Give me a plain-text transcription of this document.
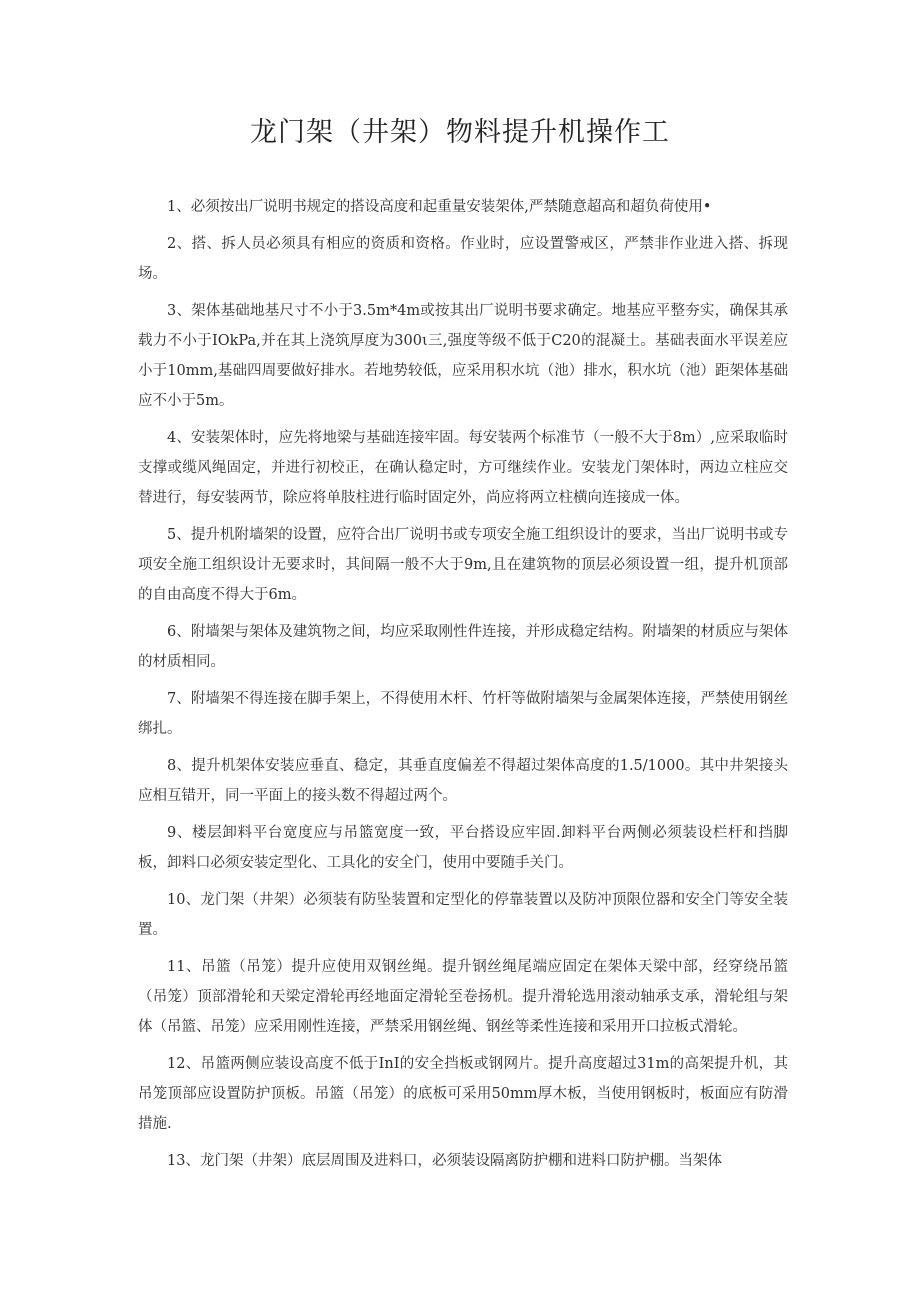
龙门架（井架）物料提升机操作工

1、必须按出厂说明书规定的搭设高度和起重量安装架体,严禁随意超高和超负荷使用•

2、搭、拆人员必须具有相应的资质和资格。作业时，应设置警戒区，严禁非作业进入搭、拆现场。

3、架体基础地基尺寸不小于3.5m*4m或按其出厂说明书要求确定。地基应平整夯实，确保其承载力不小于IOkPa,并在其上浇筑厚度为300ι三,强度等级不低于C20的混凝土。基础表面水平误差应小于10mm,基础四周要做好排水。若地势较低，应采用积水坑（池）排水，积水坑（池）距架体基础应不小于5m。

4、安装架体时，应先将地梁与基础连接牢固。每安装两个标准节（一般不大于8m）,应采取临时支撑或缆风绳固定，并进行初校正，在确认稳定时，方可继续作业。安装龙门架体时，两边立柱应交替进行，每安装两节，除应将单肢柱进行临时固定外，尚应将两立柱横向连接成一体。

5、提升机附墙架的设置，应符合出厂说明书或专项安全施工组织设计的要求，当出厂说明书或专项安全施工组织设计无要求时，其间隔一般不大于9m,且在建筑物的顶层必须设置一组，提升机顶部的自由高度不得大于6m。

6、附墙架与架体及建筑物之间，均应采取刚性件连接，并形成稳定结构。附墙架的材质应与架体的材质相同。

7、附墙架不得连接在脚手架上，不得使用木杆、竹杆等做附墙架与金属架体连接，严禁使用钢丝绑扎。

8、提升机架体安装应垂直、稳定，其垂直度偏差不得超过架体高度的1.5/1000。其中井架接头应相互错开，同一平面上的接头数不得超过两个。

9、楼层卸料平台宽度应与吊篮宽度一致，平台搭设应牢固.卸料平台两侧必须装设栏杆和挡脚板，卸料口必须安装定型化、工具化的安全门，使用中要随手关门。

10、龙门架（井架）必须装有防坠装置和定型化的停靠装置以及防冲顶限位器和安全门等安全装置。

11、吊篮（吊笼）提升应使用双钢丝绳。提升钢丝绳尾端应固定在架体天梁中部，经穿绕吊篮（吊笼）顶部滑轮和天梁定滑轮再经地面定滑轮至卷扬机。提升滑轮选用滚动轴承支承，滑轮组与架体（吊篮、吊笼）应采用刚性连接，严禁采用钢丝绳、钢丝等柔性连接和采用开口拉板式滑轮。

12、吊篮两侧应装设高度不低于InI的安全挡板或钢网片。提升高度超过31m的高架提升机，其吊笼顶部应设置防护顶板。吊篮（吊笼）的底板可采用50mm厚木板，当使用钢板时，板面应有防滑措施.

13、龙门架（井架）底层周围及进料口，必须装设隔离防护棚和进料口防护棚。当架体
